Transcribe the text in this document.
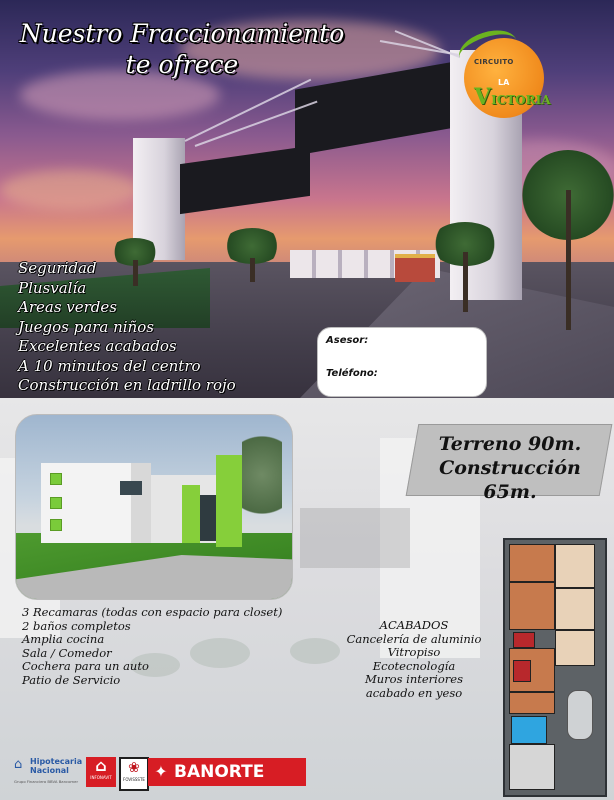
Nuestro Fraccionamiento
te ofrece	CIRCUITO
LA
VICTORIA
Seguridad
Plusvalía
Areas verdes
Juegos para niños
Excelentes acabados
A 10 minutos del centro
Construcción en ladrillo rojo
Asesor:
Teléfono:
Terreno 90m.
Construcción 65m.
3 Recamaras (todas con espacio para closet)
2 baños completos
Amplia cocina
Sala / Comedor
Cochera para un auto
Patio de Servicio
ACABADOS
Cancelería de aluminio
Vitropiso
Ecotecnología
Muros interiores
acabado en yeso
⌂ Hipotecaria
Nacional
Grupo Financiero BBVA Bancomer
⌂
INFONAVIT
❀
FOVISSSTE ✦ BANORTE
